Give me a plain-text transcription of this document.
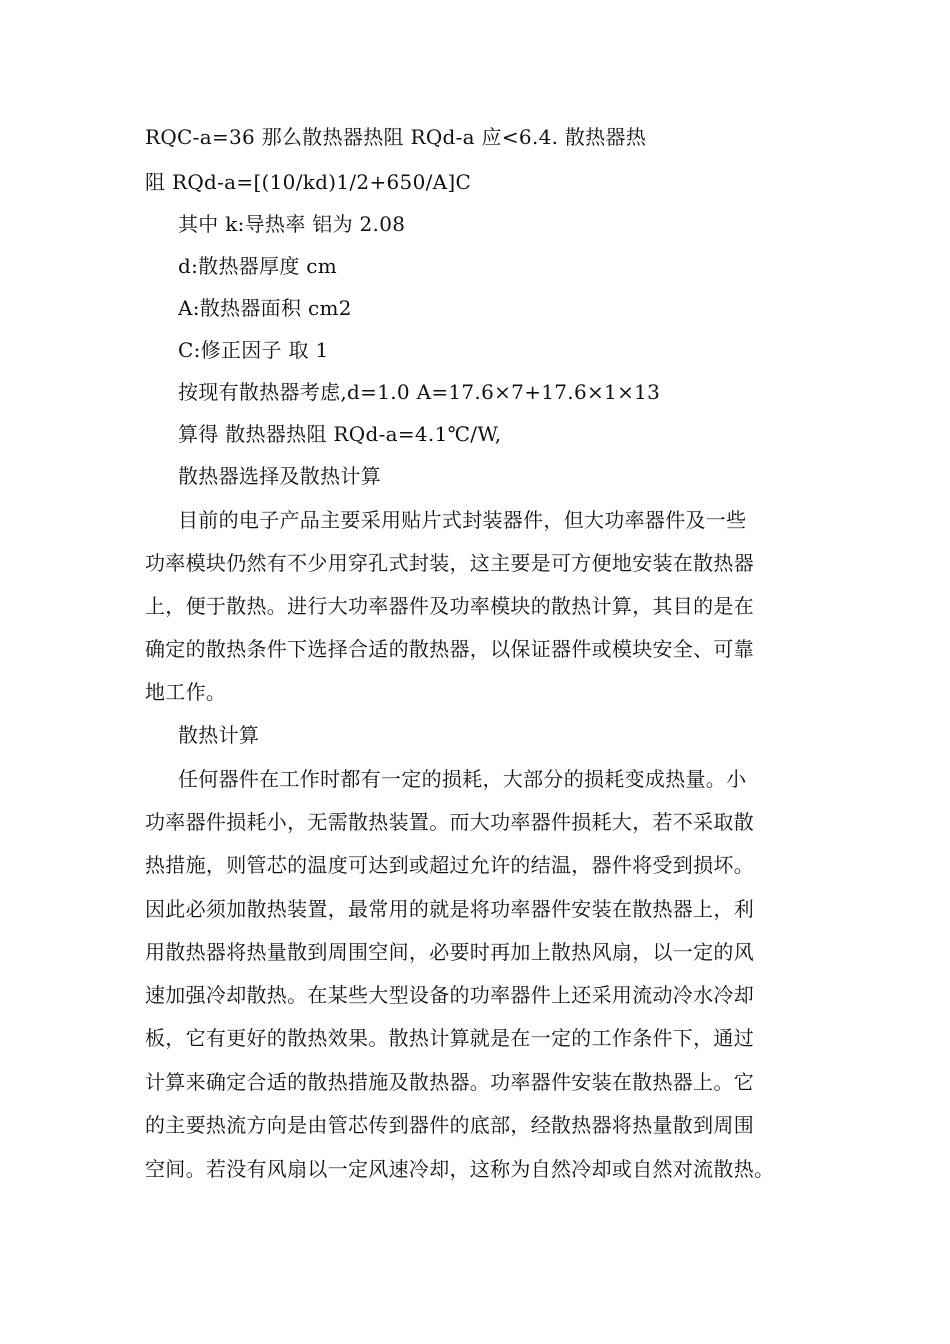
RQC-a=36 那么散热器热阻 RQd-a 应<6.4. 散热器热

阻 RQd-a=[(10/kd)1/2+650/A]C

其中 k:导热率 铝为 2.08

d:散热器厚度 cm

A:散热器面积 cm2

C:修正因子 取 1

按现有散热器考虑,d=1.0 A=17.6×7+17.6×1×13

算得 散热器热阻 RQd-a=4.1℃/W,

散热器选择及散热计算

目前的电子产品主要采用贴片式封装器件，但大功率器件及一些

功率模块仍然有不少用穿孔式封装，这主要是可方便地安装在散热器

上，便于散热。进行大功率器件及功率模块的散热计算，其目的是在

确定的散热条件下选择合适的散热器，以保证器件或模块安全、可靠

地工作。

散热计算

任何器件在工作时都有一定的损耗，大部分的损耗变成热量。小

功率器件损耗小，无需散热装置。而大功率器件损耗大，若不采取散

热措施，则管芯的温度可达到或超过允许的结温，器件将受到损坏。

因此必须加散热装置，最常用的就是将功率器件安装在散热器上，利

用散热器将热量散到周围空间，必要时再加上散热风扇，以一定的风

速加强冷却散热。在某些大型设备的功率器件上还采用流动冷水冷却

板，它有更好的散热效果。散热计算就是在一定的工作条件下，通过

计算来确定合适的散热措施及散热器。功率器件安装在散热器上。它

的主要热流方向是由管芯传到器件的底部，经散热器将热量散到周围

空间。若没有风扇以一定风速冷却，这称为自然冷却或自然对流散热。
